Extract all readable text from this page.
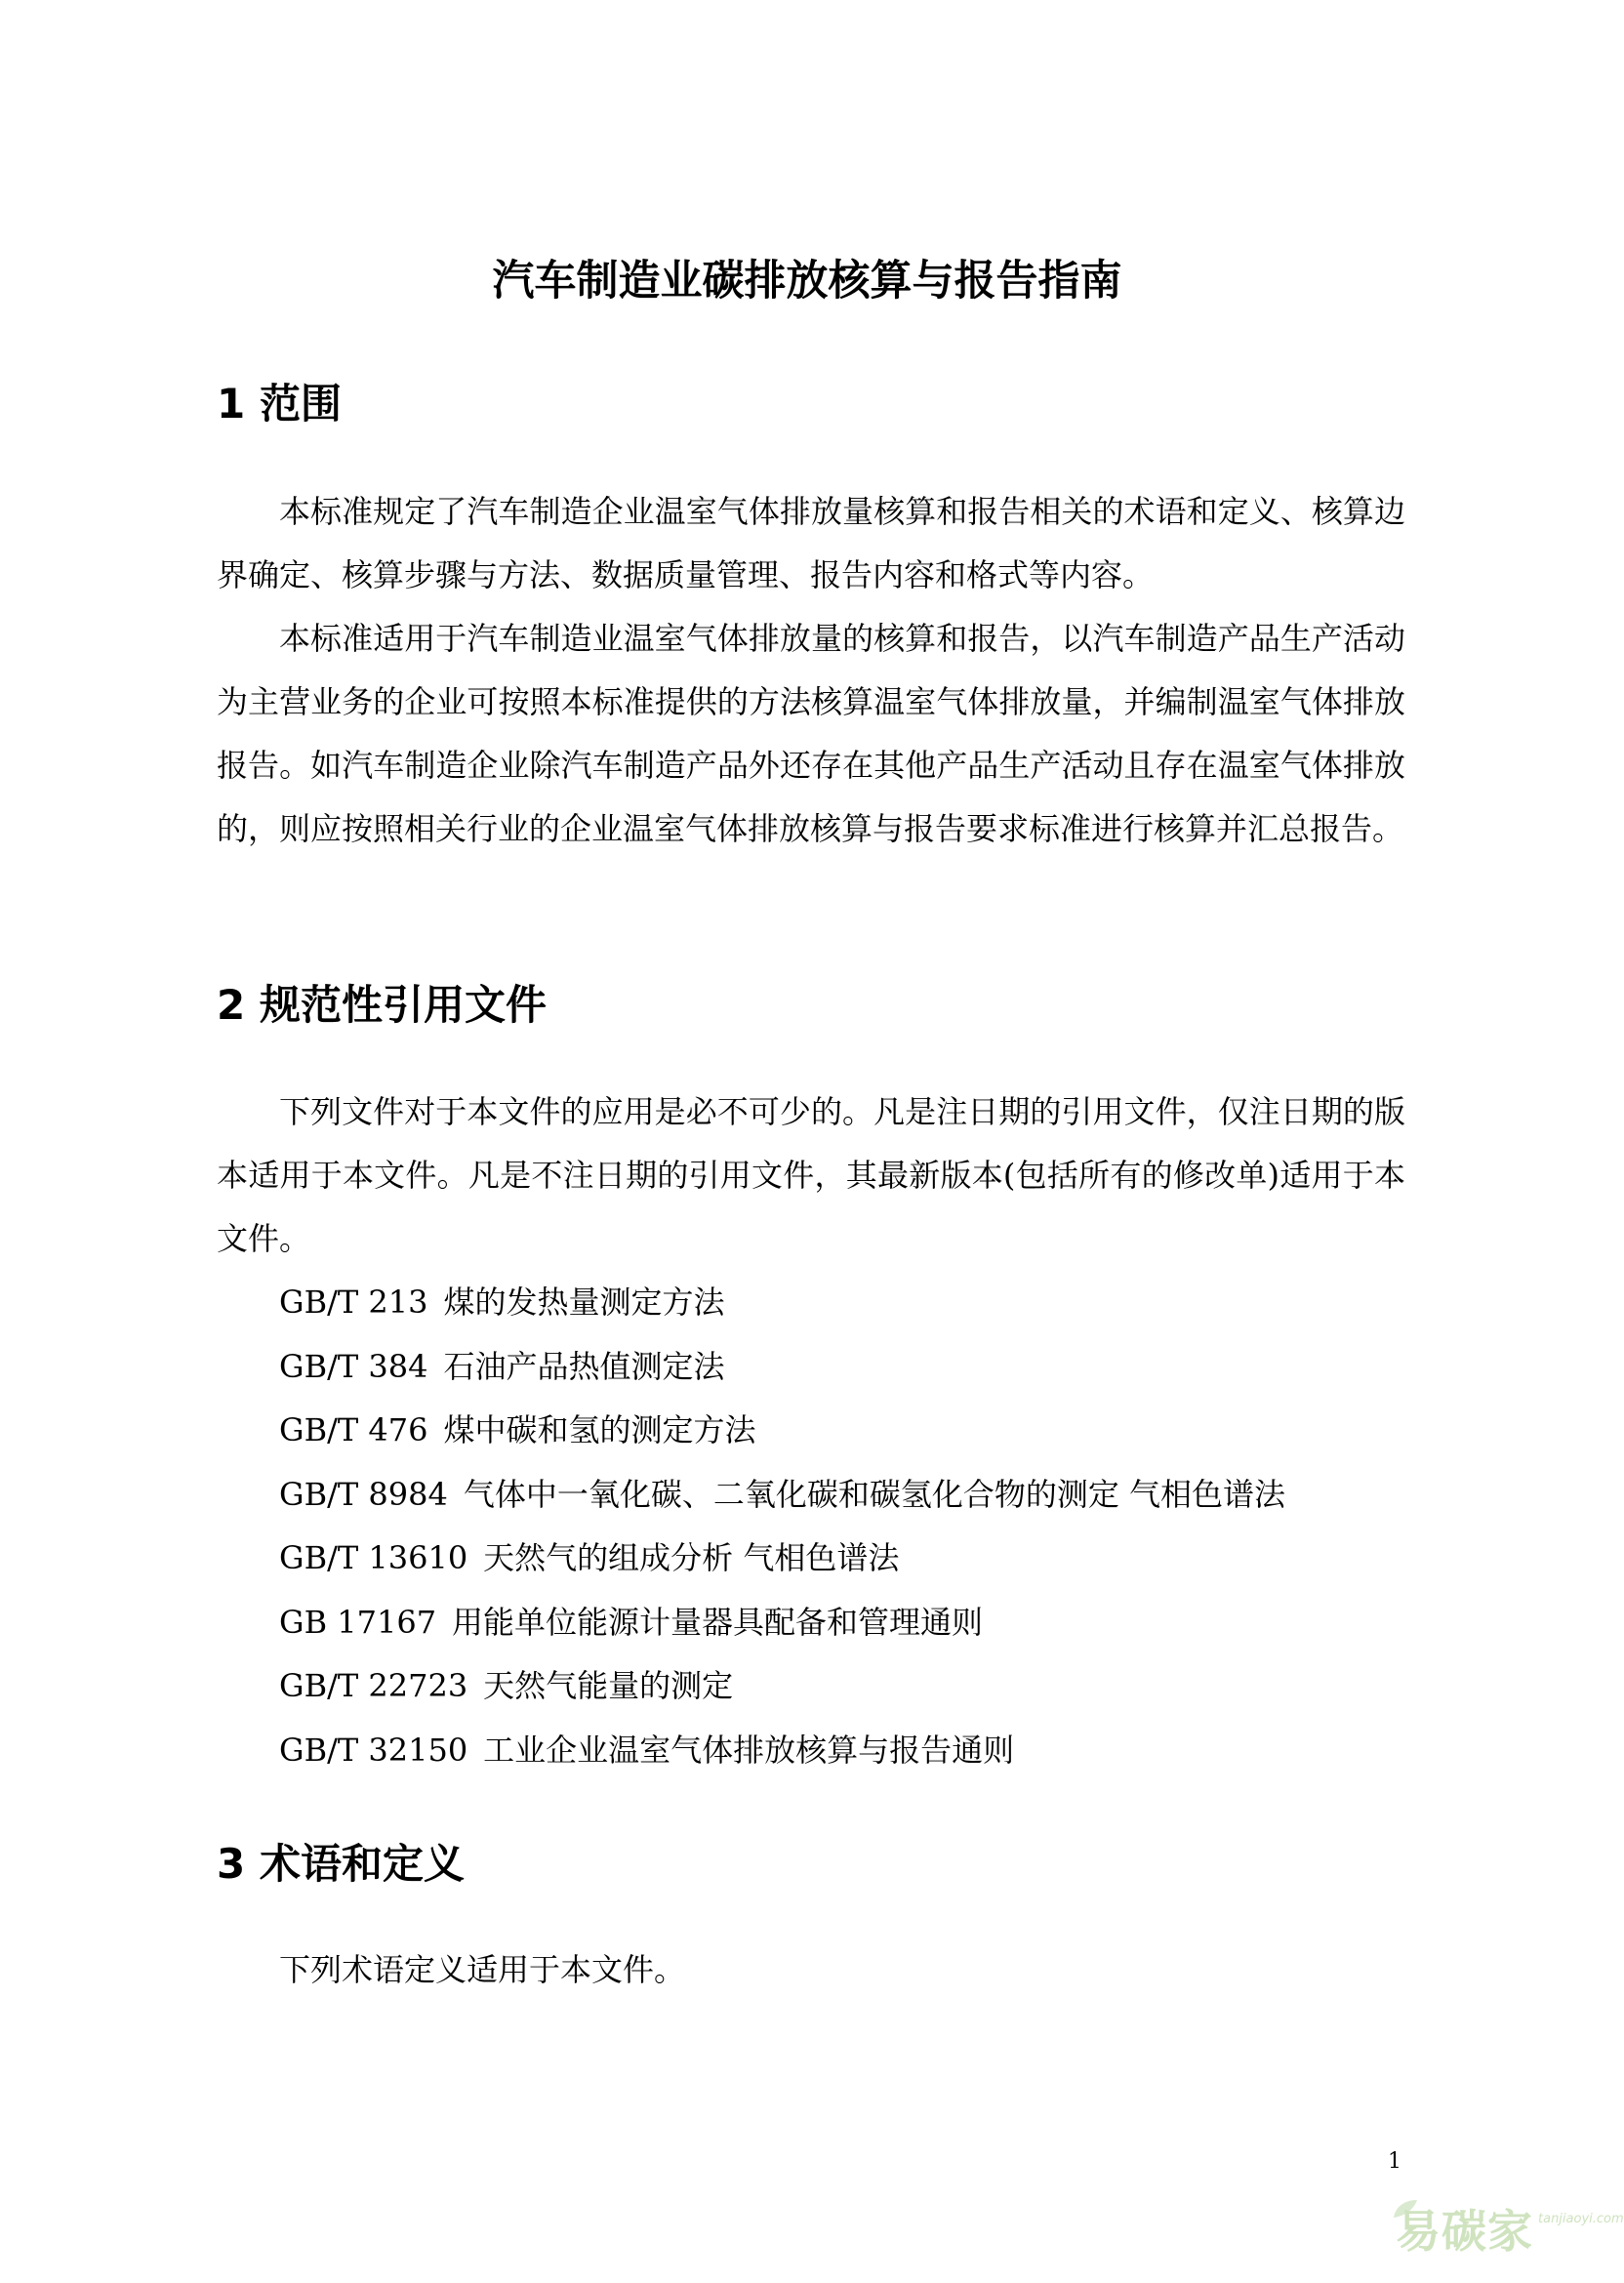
汽车制造业碳排放核算与报告指南
1 范围

本标准规定了汽车制造企业温室气体排放量核算和报告相关的术语和定义、核算边界确定、核算步骤与方法、数据质量管理、报告内容和格式等内容。

本标准适用于汽车制造业温室气体排放量的核算和报告，以汽车制造产品生产活动为主营业务的企业可按照本标准提供的方法核算温室气体排放量，并编制温室气体排放报告。如汽车制造企业除汽车制造产品外还存在其他产品生产活动且存在温室气体排放的，则应按照相关行业的企业温室气体排放核算与报告要求标准进行核算并汇总报告。

2 规范性引用文件

下列文件对于本文件的应用是必不可少的。凡是注日期的引用文件，仅注日期的版本适用于本文件。凡是不注日期的引用文件，其最新版本(包括所有的修改单)适用于本文件。

GB/T 213 煤的发热量测定方法
GB/T 384 石油产品热值测定法
GB/T 476 煤中碳和氢的测定方法
GB/T 8984 气体中一氧化碳、二氧化碳和碳氢化合物的测定 气相色谱法
GB/T 13610 天然气的组成分析 气相色谱法
GB 17167 用能单位能源计量器具配备和管理通则
GB/T 22723 天然气能量的测定
GB/T 32150 工业企业温室气体排放核算与报告通则
3 术语和定义

下列术语定义适用于本文件。

1
易碳家 tanjiaoyi.com
